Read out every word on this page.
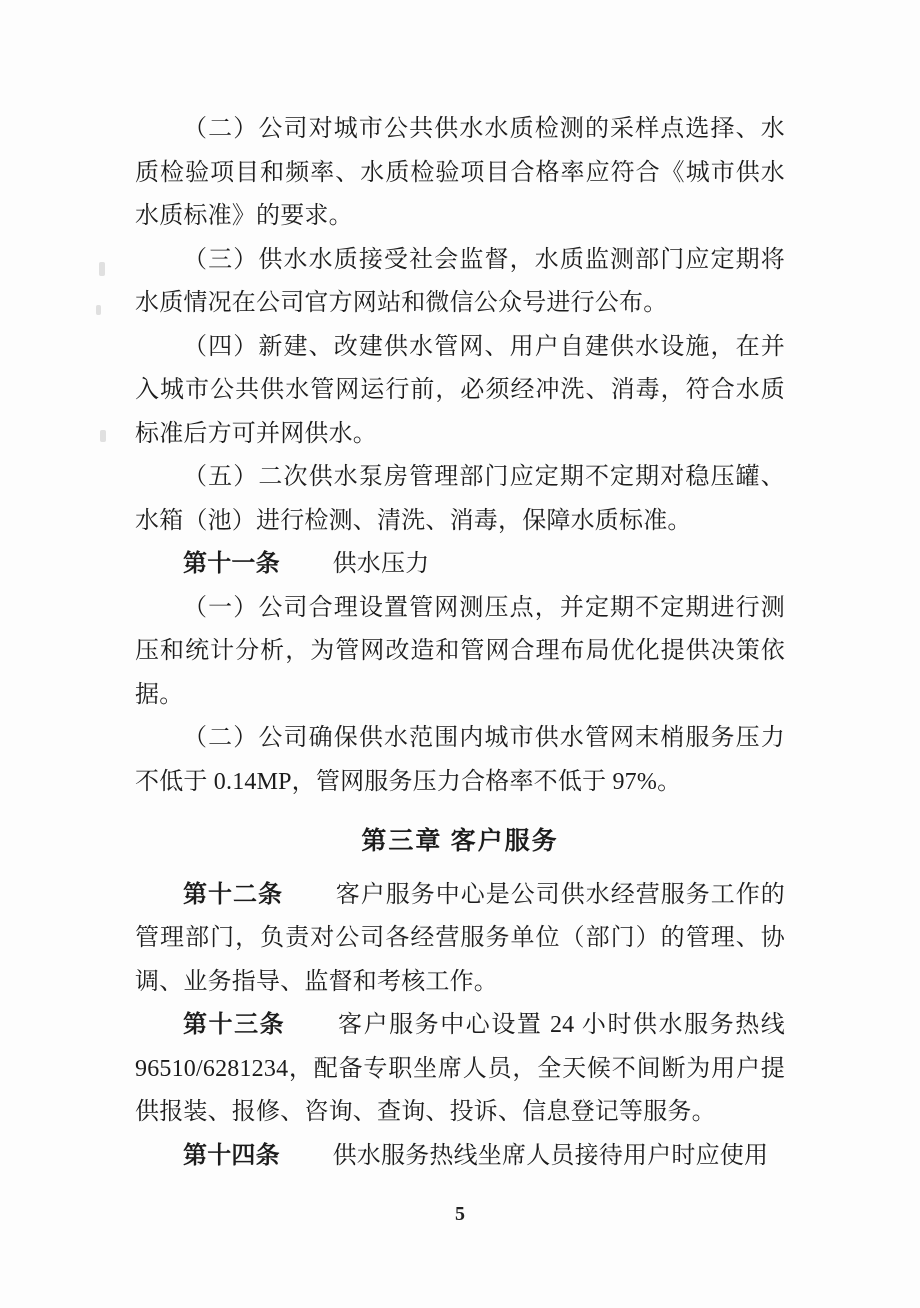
（二）公司对城市公共供水水质检测的采样点选择、水质检验项目和频率、水质检验项目合格率应符合《城市供水水质标准》的要求。

（三）供水水质接受社会监督，水质监测部门应定期将水质情况在公司官方网站和微信公众号进行公布。

（四）新建、改建供水管网、用户自建供水设施，在并入城市公共供水管网运行前，必须经冲洗、消毒，符合水质标准后方可并网供水。

（五）二次供水泵房管理部门应定期不定期对稳压罐、水箱（池）进行检测、清洗、消毒，保障水质标准。

第十一条 供水压力

（一）公司合理设置管网测压点，并定期不定期进行测压和统计分析，为管网改造和管网合理布局优化提供决策依据。

（二）公司确保供水范围内城市供水管网末梢服务压力不低于 0.14MP，管网服务压力合格率不低于 97%。

第三章 客户服务

第十二条 客户服务中心是公司供水经营服务工作的管理部门，负责对公司各经营服务单位（部门）的管理、协调、业务指导、监督和考核工作。

第十三条 客户服务中心设置 24 小时供水服务热线 96510/6281234，配备专职坐席人员，全天候不间断为用户提供报装、报修、咨询、查询、投诉、信息登记等服务。

第十四条 供水服务热线坐席人员接待用户时应使用

5
